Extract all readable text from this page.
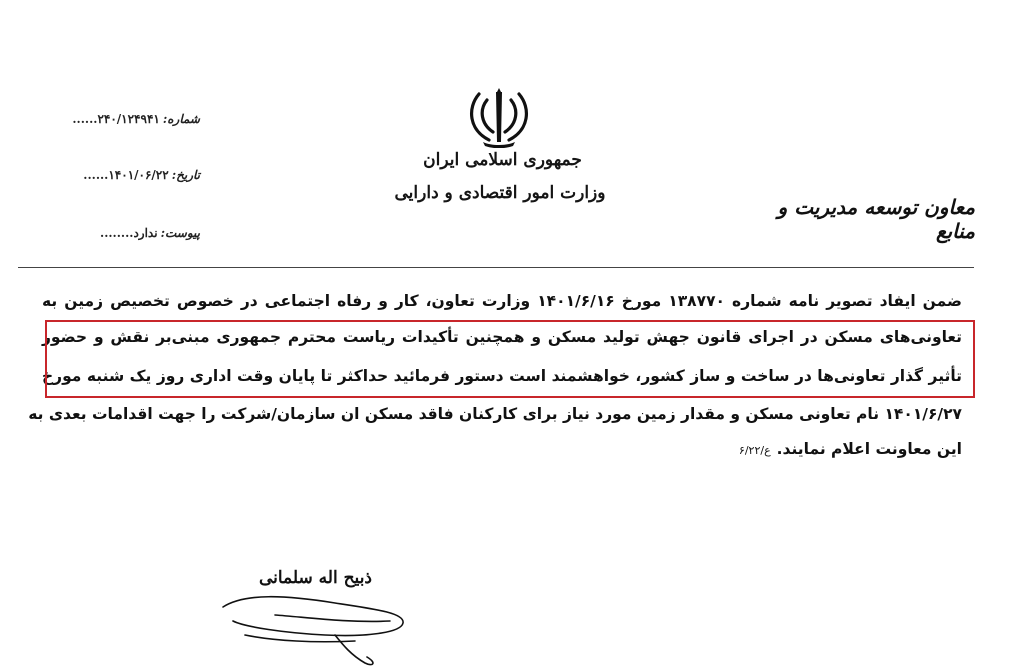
جمهوری اسلامی ایران
وزارت امور اقتصادی و دارایی
معاون توسعه مدیریت و منابع
شماره:۲۴۰/۱۲۴۹۴۱......
تاریخ:۱۴۰۱/۰۶/۲۲......
پیوست:ندارد........
ضمن ایفاد تصویر نامه شماره ۱۳۸۷۷۰ مورخ ۱۴۰۱/۶/۱۶ وزارت تعاون، کار و رفاه اجتماعی در خصوص تخصیص زمین به
تعاونی‌های مسکن در اجرای قانون جهش تولید مسکن و همچنین تأکیدات ریاست محترم جمهوری مبنی‌بر نقش و حضور
تأثیر گذار تعاونی‌ها در ساخت و ساز کشور، خواهشمند است دستور فرمائید حداکثر تا پایان وقت اداری روز یک شنبه مورخ
۱۴۰۱/۶/۲۷ نام تعاونی مسکن و مقدار زمین مورد نیاز برای کارکنان فاقد مسکن ان سازمان/شرکت را جهت اقدامات بعدی به
این معاونت اعلام نمایند.ع/۶/۲۲
ذبیح اله سلمانی
